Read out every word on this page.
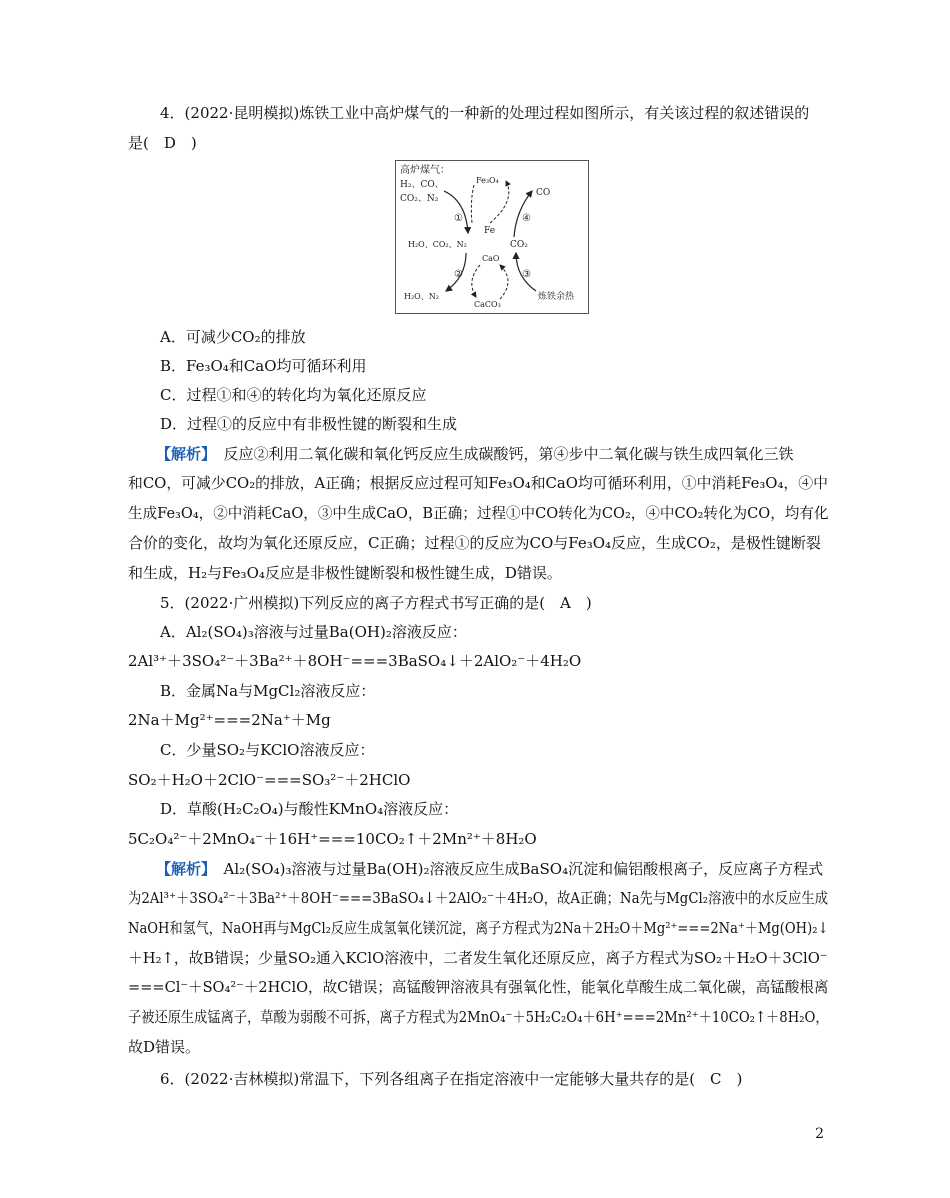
4．(2022·昆明模拟)炼铁工业中高炉煤气的一种新的处理过程如图所示，有关该过程的叙述错误的
是(　D　)
高炉煤气：
H₂、CO、
CO₂、N₂
Fe₃O₄
CO
Fe
CO₂
H₂O、CO₂、N₂
CaO
H₂O、N₂
CaCO₃
炼铁余热
①
②	③
④
A．可减少CO₂的排放
B．Fe₃O₄和CaO均可循环利用
C．过程①和④的转化均为氧化还原反应
D．过程①的反应中有非极性键的断裂和生成
【解析】　反应②利用二氧化碳和氧化钙反应生成碳酸钙，第④步中二氧化碳与铁生成四氧化三铁
和CO，可减少CO₂的排放，A正确；根据反应过程可知Fe₃O₄和CaO均可循环利用，①中消耗Fe₃O₄，④中
生成Fe₃O₄，②中消耗CaO，③中生成CaO，B正确；过程①中CO转化为CO₂，④中CO₂转化为CO，均有化
合价的变化，故均为氧化还原反应，C正确；过程①的反应为CO与Fe₃O₄反应，生成CO₂，是极性键断裂
和生成，H₂与Fe₃O₄反应是非极性键断裂和极性键生成，D错误。
5．(2022·广州模拟)下列反应的离子方程式书写正确的是(　A　)
A．Al₂(SO₄)₃溶液与过量Ba(OH)₂溶液反应：
2Al³⁺＋3SO₄²⁻＋3Ba²⁺＋8OH⁻===3BaSO₄↓＋2AlO₂⁻＋4H₂O
B．金属Na与MgCl₂溶液反应：
2Na＋Mg²⁺===2Na⁺＋Mg
C．少量SO₂与KClO溶液反应：
SO₂＋H₂O＋2ClO⁻===SO₃²⁻＋2HClO
D．草酸(H₂C₂O₄)与酸性KMnO₄溶液反应：
5C₂O₄²⁻＋2MnO₄⁻＋16H⁺===10CO₂↑＋2Mn²⁺＋8H₂O
【解析】　Al₂(SO₄)₃溶液与过量Ba(OH)₂溶液反应生成BaSO₄沉淀和偏铝酸根离子，反应离子方程式
为2Al³⁺＋3SO₄²⁻＋3Ba²⁺＋8OH⁻===3BaSO₄↓＋2AlO₂⁻＋4H₂O，故A正确；Na先与MgCl₂溶液中的水反应生成
NaOH和氢气，NaOH再与MgCl₂反应生成氢氧化镁沉淀，离子方程式为2Na＋2H₂O＋Mg²⁺===2Na⁺＋Mg(OH)₂↓
＋H₂↑，故B错误；少量SO₂通入KClO溶液中，二者发生氧化还原反应，离子方程式为SO₂＋H₂O＋3ClO⁻
===Cl⁻＋SO₄²⁻＋2HClO，故C错误；高锰酸钾溶液具有强氧化性，能氧化草酸生成二氧化碳，高锰酸根离
子被还原生成锰离子，草酸为弱酸不可拆，离子方程式为2MnO₄⁻＋5H₂C₂O₄＋6H⁺===2Mn²⁺＋10CO₂↑＋8H₂O，
故D错误。
6．(2022·吉林模拟)常温下，下列各组离子在指定溶液中一定能够大量共存的是(　C　)
2
